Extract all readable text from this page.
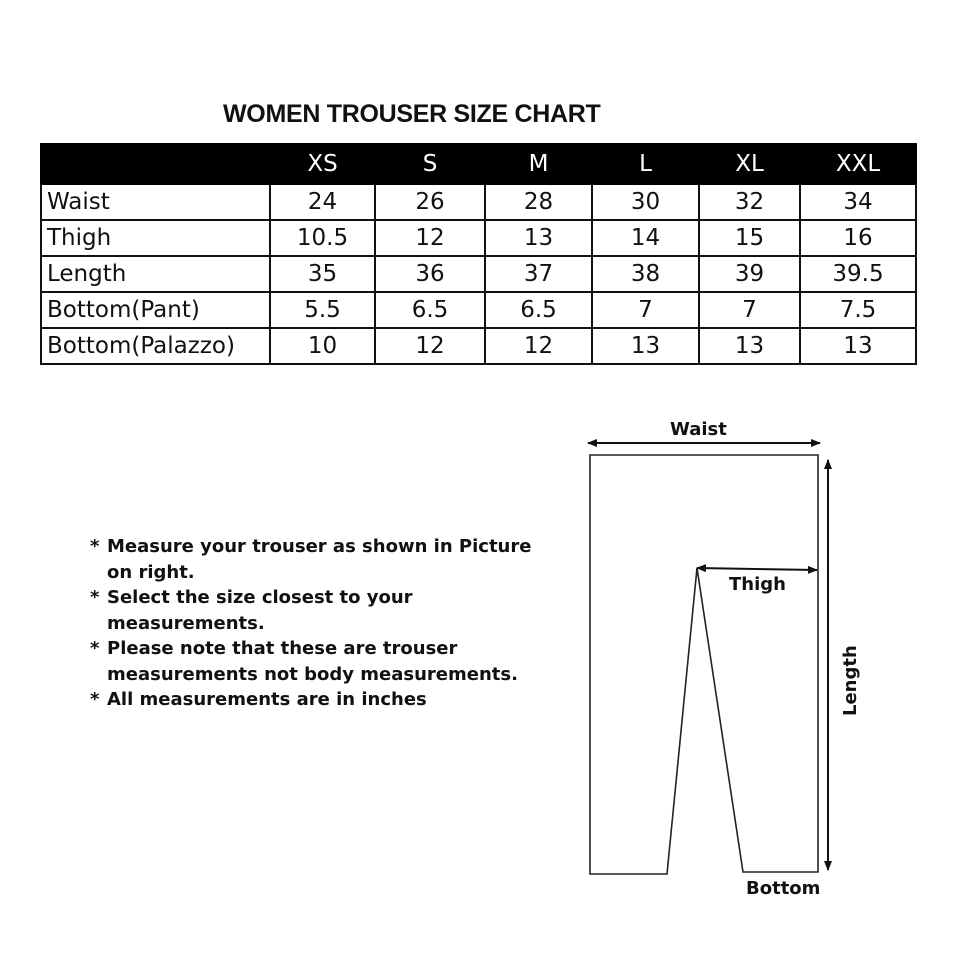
WOMEN TROUSER SIZE CHART
	XS	S	M	L	XL	XXL
Waist	24	26	28	30	32	34
Thigh	10.5	12	13	14	15	16
Length	35	36	37	38	39	39.5
Bottom(Pant)	5.5	6.5	6.5	7	7	7.5
Bottom(Palazzo)	10	12	12	13	13	13
* Measure your trouser as shown in Picture on right.
* Select the size closest to your measurements.
* Please note that these are trouser measurements not body measurements.
* All measurements are in inches
Waist
Thigh
Length
Bottom
